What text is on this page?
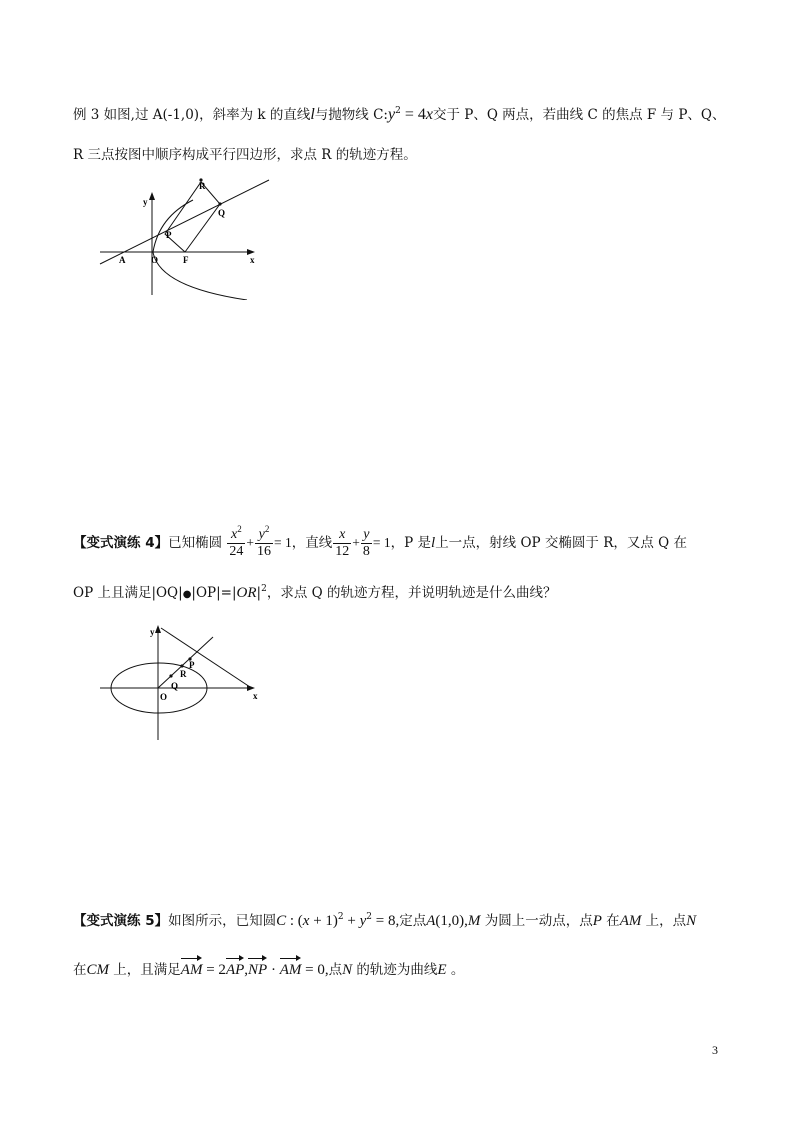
例 3 如图,过 A(-1,0)，斜率为 k 的直线l与抛物线 $C:y^2 = 4x$交于 P、Q 两点，若曲线 C 的焦点 F 与 P、Q、
R 三点按图中顺序构成平行四边形，求点 R 的轨迹方程。
R
y
Q
P
A	O	F	x
【变式演练 4】已知椭圆 $\frac{x^2}{24} + \frac{y^2}{16} = 1$，直线 $\frac{x}{12} + \frac{y}{8} = 1$，P 是l上一点，射线 OP 交椭圆于 R，又点 Q 在
OP 上且满足$|OQ|●|OP|=|OR|^2$，求点 Q 的轨迹方程，并说明轨迹是什么曲线？
y
P
R
Q
O	x
【变式演练 5】如图所示，已知圆C : $(x + 1)^2 + y^2 = 8$,定点A(1,0),M 为圆上一动点，点P 在AM 上，点N
在CM 上，且满足AM = 2AP,NP · AM = 0,点N 的轨迹为曲线E 。
3
